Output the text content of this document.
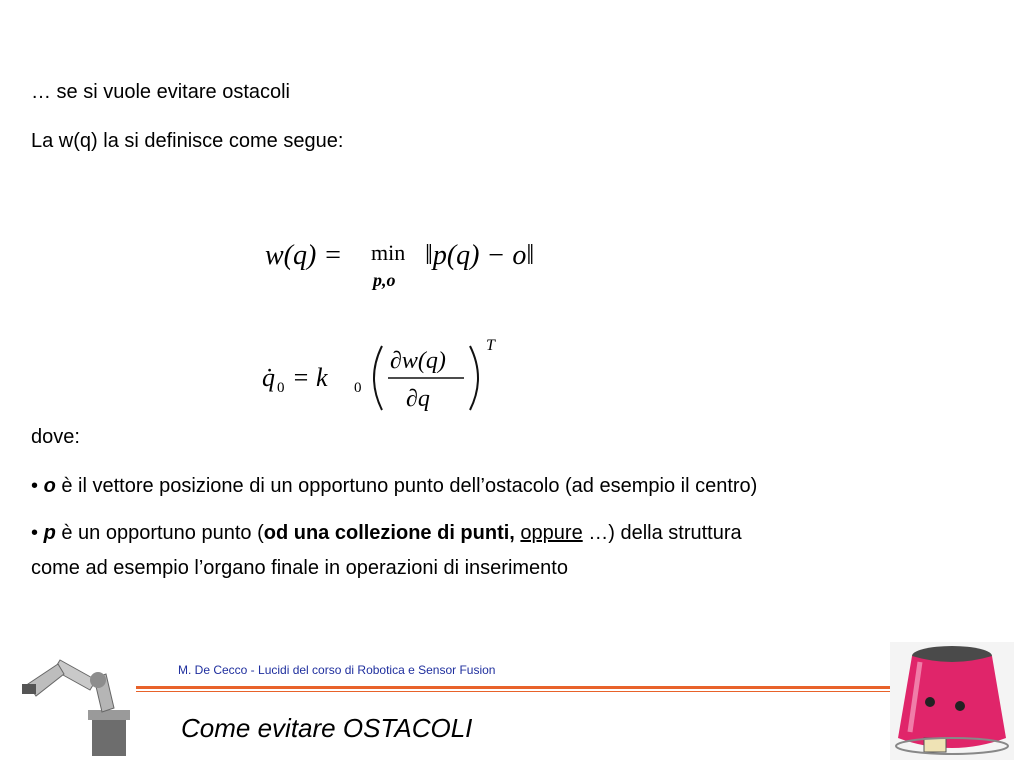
… se si vuole evitare ostacoli
La w(q) la si definisce come segue:
w(q) = min
p,o
‖p(q) − o‖
q̇ 0 = k 0
∂w(q)
∂q
T
dove:
• o è il vettore posizione di un opportuno punto dell’ostacolo (ad esempio il centro)
• p è un opportuno punto (od una collezione di punti, oppure …) della struttura
come ad esempio l’organo finale in operazioni di inserimento
M. De Cecco - Lucidi del corso di Robotica e Sensor Fusion
Come evitare OSTACOLI
